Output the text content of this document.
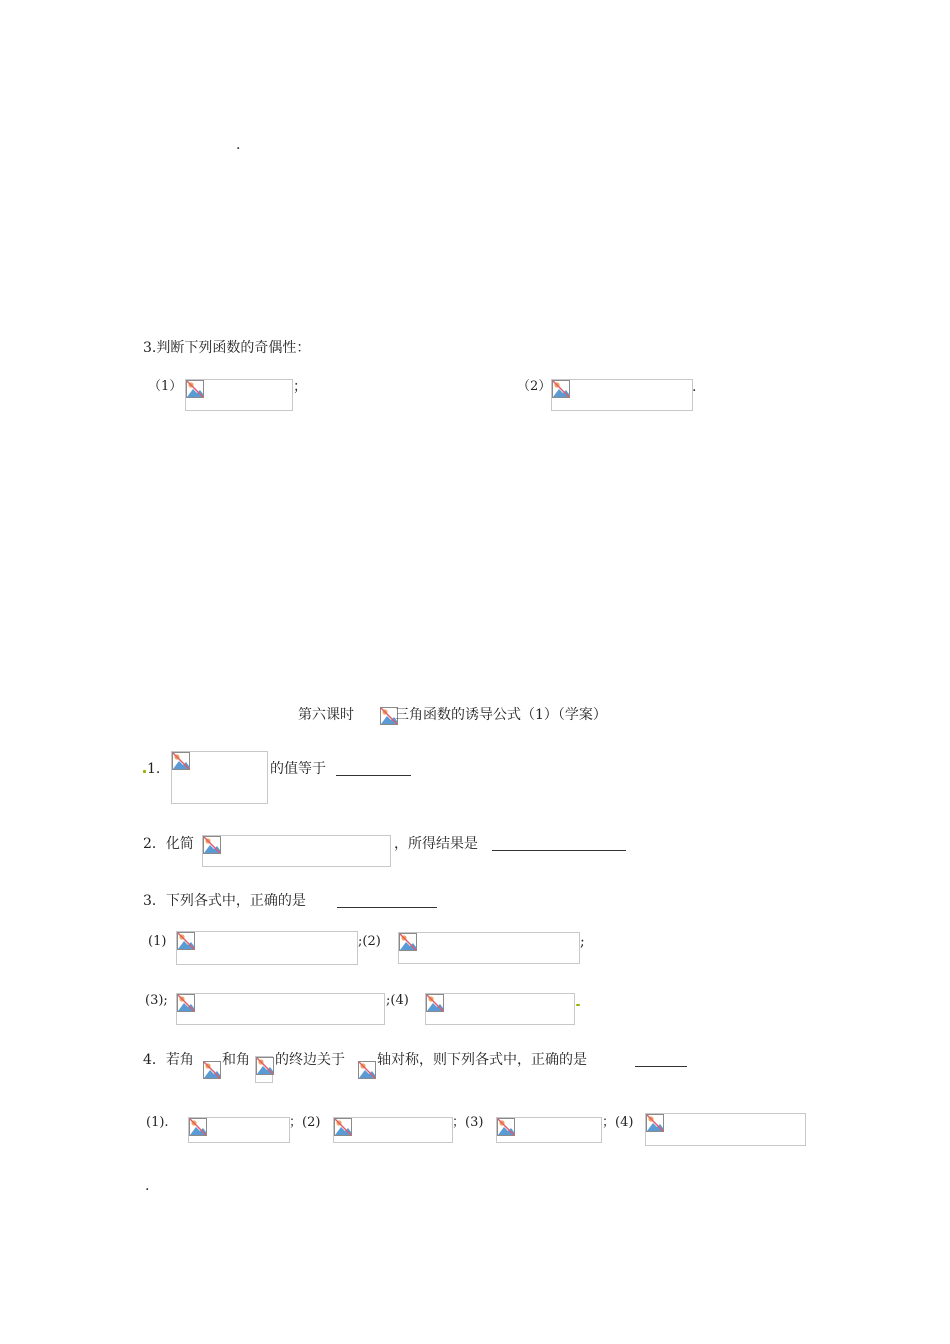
.
3.判断下列函数的奇偶性：
（1）	；	（2）	.
第六课时	三角函数的诱导公式（1）（学案）
1.	的值等于
2．化简	，所得结果是
3．下列各式中，正确的是
(1)	;(2)	;
(3);	;(4)
4．若角 和角 的终边关于 轴对称，则下列各式中，正确的是
(1).	；(2)	；(3)	；(4)
.
